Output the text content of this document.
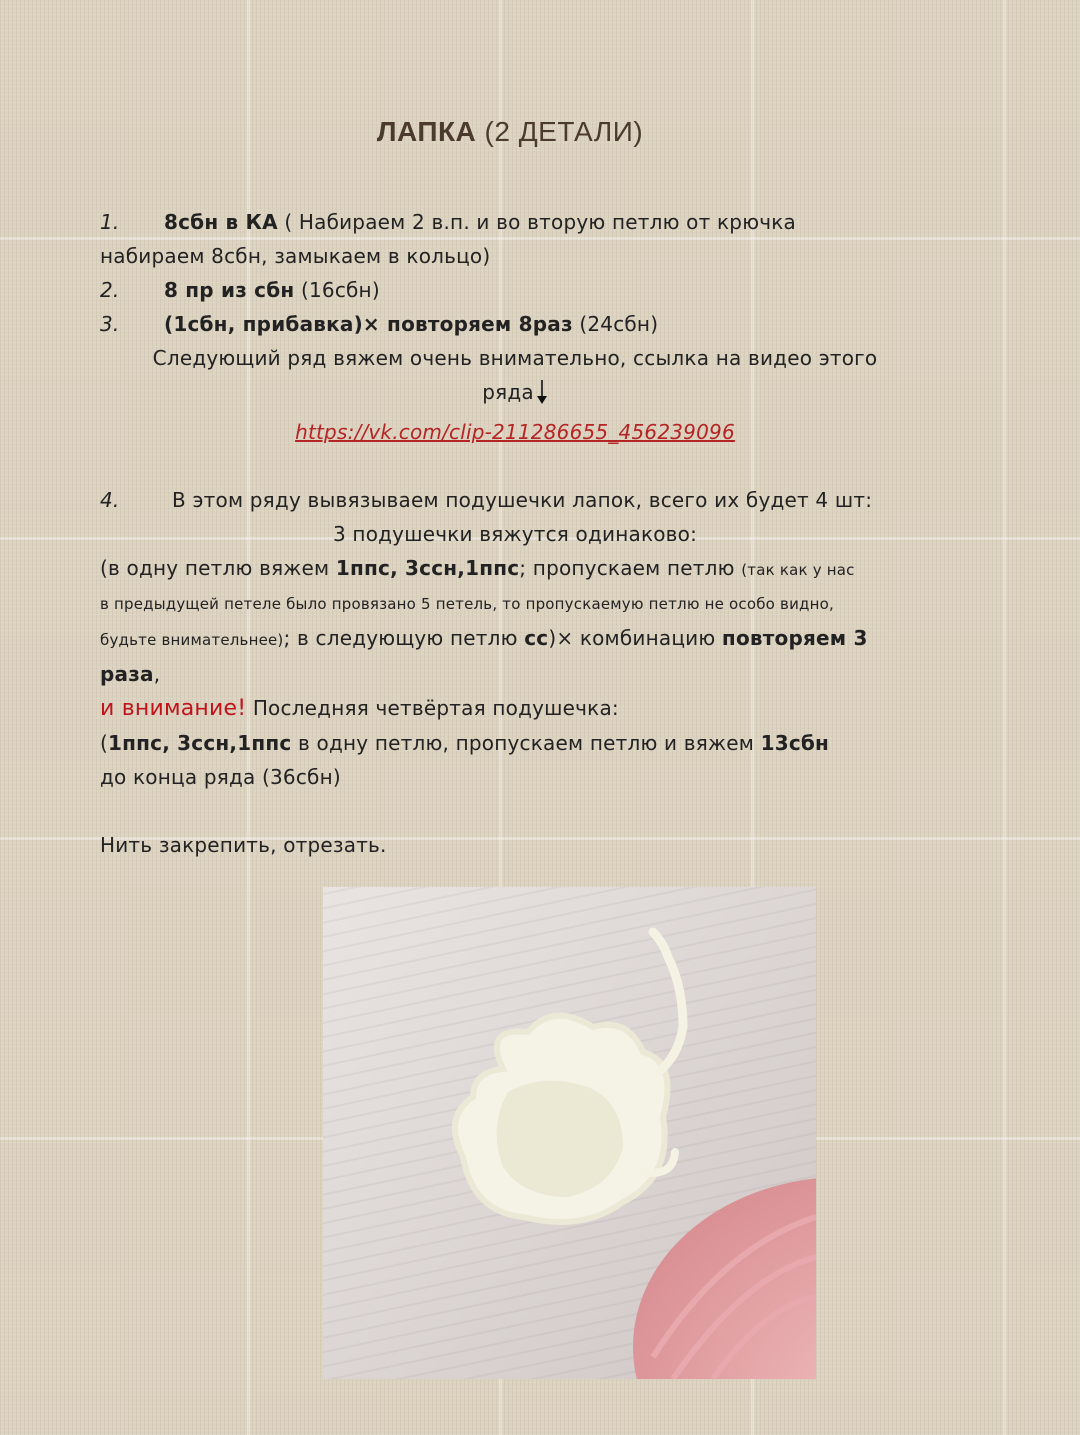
ЛАПКА (2 ДЕТАЛИ)
1. 8сбн в КА ( Набираем 2 в.п. и во вторую петлю от крючка
набираем 8сбн, замыкаем в кольцо)
2. 8 пр из сбн (16сбн)
3. (1сбн, прибавка)× повторяем 8раз (24сбн)
Следующий ряд вяжем очень внимательно, ссылка на видео этого
ряда
https://vk.com/clip-211286655_456239096
4.	В этом ряду вывязываем подушечки лапок, всего их будет 4 шт:
3 подушечки вяжутся одинаково:
(в одну петлю вяжем 1ппс, 3ссн,1ппс; пропускаем петлю (так как у нас
в предыдущей петеле было провязано 5 петель, то пропускаемую петлю не особо видно,
будьте внимательнее); в следующую петлю сс)× комбинацию повторяем 3
раза,
и внимание! Последняя четвёртая подушечка:
(1ппс, 3ссн,1ппс в одну петлю, пропускаем петлю и вяжем 13сбн
до конца ряда (36сбн)
Нить закрепить, отрезать.
